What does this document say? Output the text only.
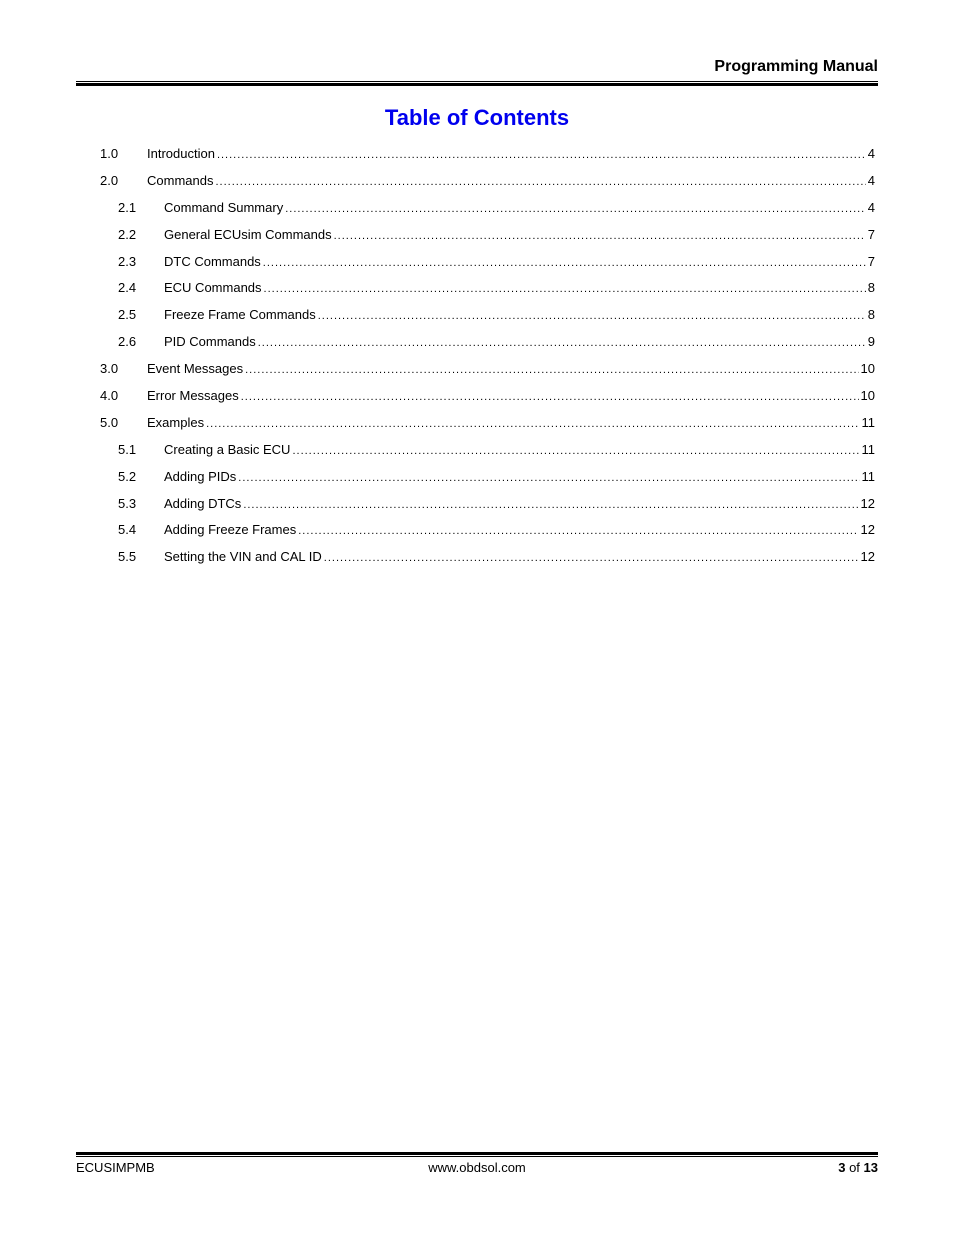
Programming Manual
Table of Contents
1.0	Introduction .....	4
2.0	Commands .....	4
2.1	Command Summary .....	4
2.2	General ECUsim Commands .....	7
2.3	DTC Commands .....	7
2.4	ECU Commands .....	8
2.5	Freeze Frame Commands .....	8
2.6	PID Commands .....	9
3.0	Event Messages .....	10
4.0	Error Messages .....	10
5.0	Examples .....	11
5.1	Creating a Basic ECU .....	11
5.2	Adding PIDs .....	11
5.3	Adding DTCs .....	12
5.4	Adding Freeze Frames .....	12
5.5	Setting the VIN and CAL ID .....	12
ECUSIMPMB	www.obdsol.com	3 of 13
